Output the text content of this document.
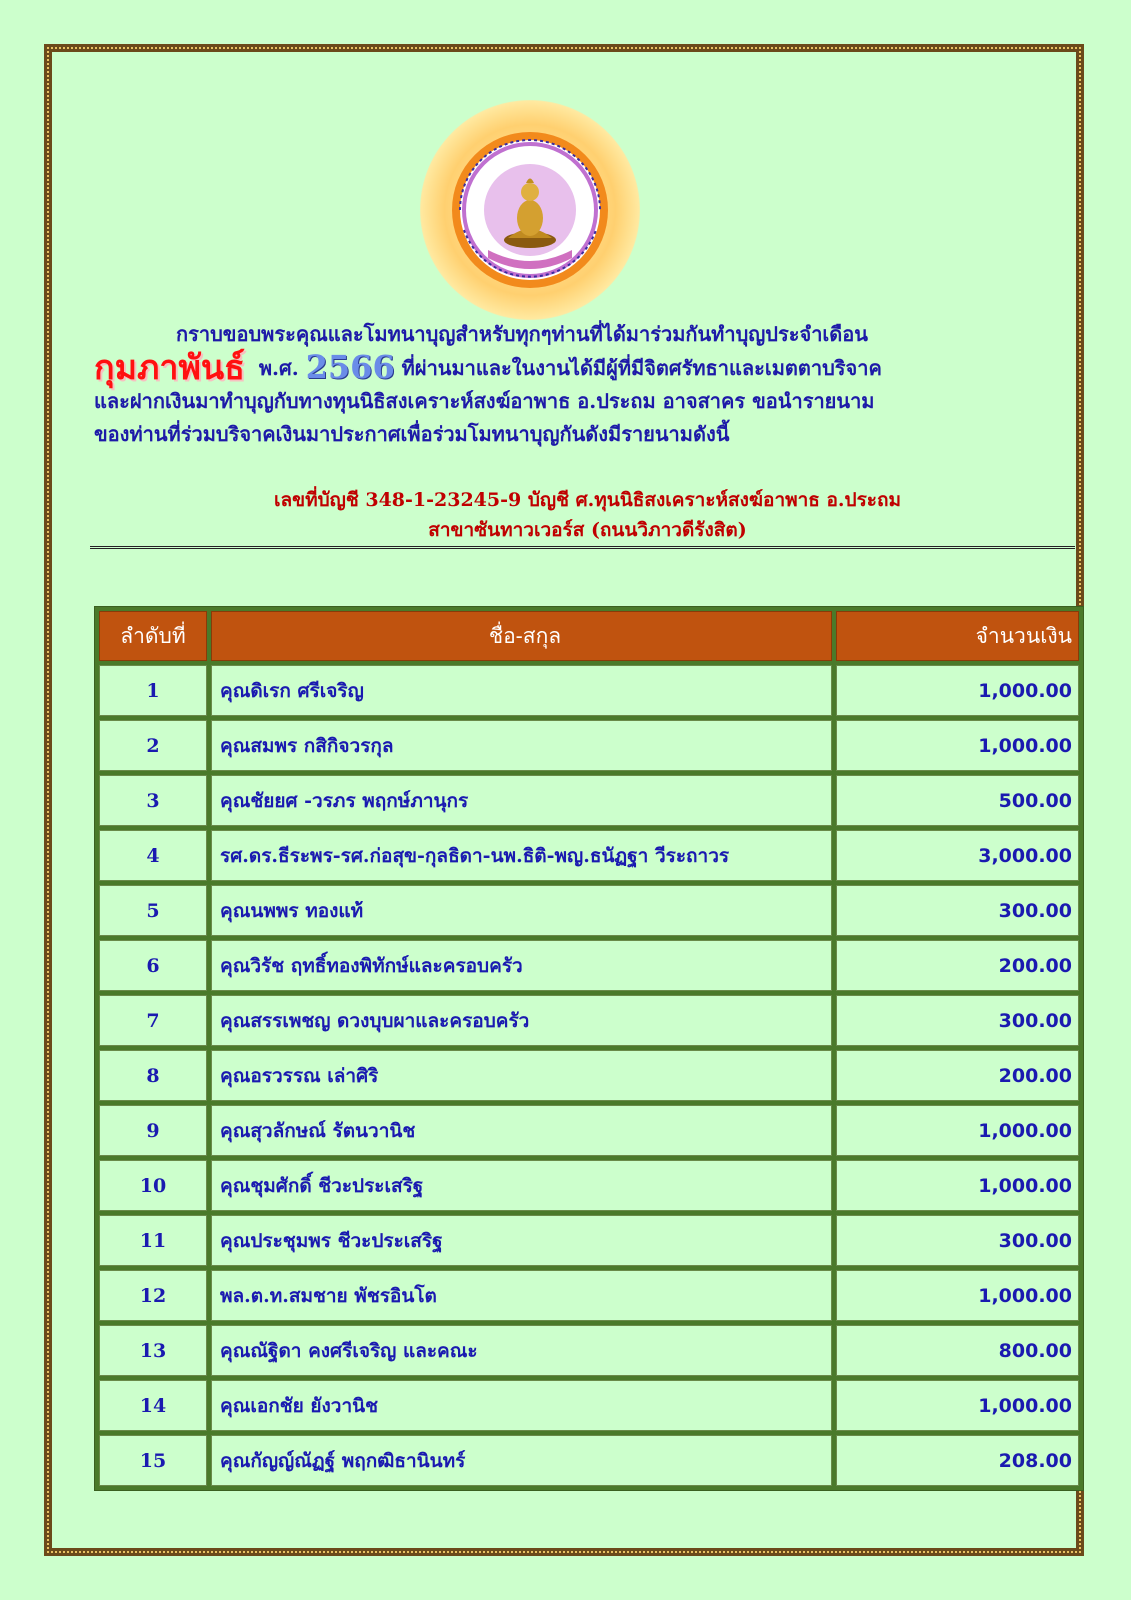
กราบขอบพระคุณและโมทนาบุญสำหรับทุกๆท่านที่ได้มาร่วมกันทำบุญประจำเดือน
กุมภาพันธ์ พ.ศ. 2566 ที่ผ่านมาและในงานได้มีผู้ที่มีจิตศรัทธาและเมตตาบริจาค
และฝากเงินมาทำบุญกับทางทุนนิธิสงเคราะห์สงฆ์อาพาธ อ.ประถม อาจสาคร ขอนำรายนาม
ของท่านที่ร่วมบริจาคเงินมาประกาศเพื่อร่วมโมทนาบุญกันดังมีรายนามดังนี้
เลขที่บัญชี 348-1-23245-9 บัญชี ศ.ทุนนิธิสงเคราะห์สงฆ์อาพาธ อ.ประถม
สาขาซันทาวเวอร์ส (ถนนวิภาวดีรังสิต)
ลำดับที่	ชื่อ-สกุล	จำนวนเงิน
1	คุณดิเรก ศรีเจริญ	1,000.00
2	คุณสมพร กสิกิจวรกุล	1,000.00
3	คุณชัยยศ -วรภร พฤกษ์ภานุกร	500.00
4	รศ.ดร.ธีระพร-รศ.ก่อสุข-กุลธิดา-นพ.ธิติ-พญ.ธนัฏฐา วีระถาวร	3,000.00
5	คุณนพพร ทองแท้	300.00
6	คุณวิรัช ฤทธิ์ทองพิทักษ์และครอบครัว	200.00
7	คุณสรรเพชญ ดวงบุบผาและครอบครัว	300.00
8	คุณอรวรรณ เล่าศิริ	200.00
9	คุณสุวลักษณ์ รัตนวานิช	1,000.00
10	คุณชุมศักดิ์ ชีวะประเสริฐ	1,000.00
11	คุณประชุมพร ชีวะประเสริฐ	300.00
12	พล.ต.ท.สมชาย พัชรอินโต	1,000.00
13	คุณณัฐิดา คงศรีเจริญ และคณะ	800.00
14	คุณเอกชัย ยังวานิช	1,000.00
15	คุณกัญญ์ณัฏฐ์ พฤกฒิธานินทร์	208.00
